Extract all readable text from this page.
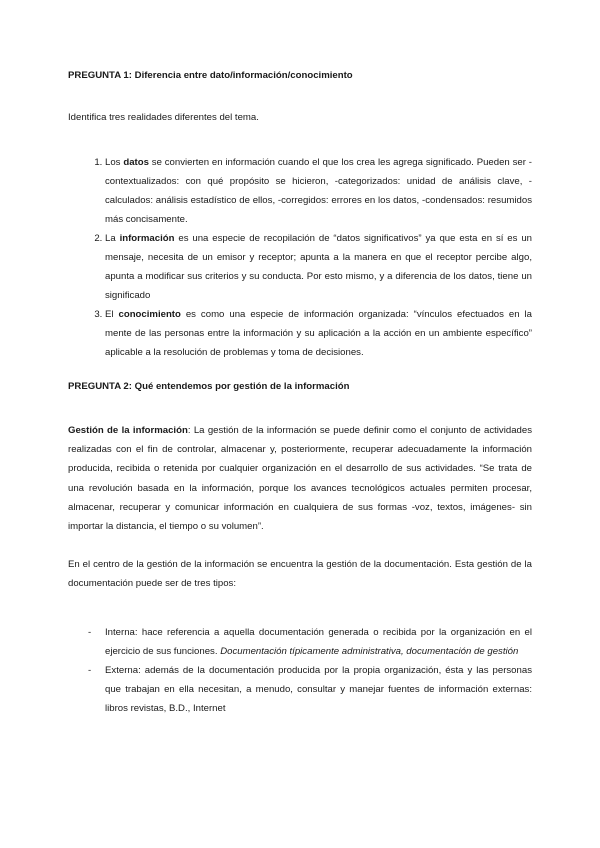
PREGUNTA 1: Diferencia entre dato/información/conocimiento

Identifica tres realidades diferentes del tema.
1. Los datos se convierten en información cuando el que los crea les agrega significado. Pueden ser -contextualizados: con qué propósito se hicieron, -categorizados: unidad de análisis clave, -calculados: análisis estadístico de ellos, -corregidos: errores en los datos, -condensados: resumidos más concisamente.
2. La información es una especie de recopilación de “datos significativos” ya que esta en sí es un mensaje, necesita de un emisor y receptor; apunta a la manera en que el receptor percibe algo, apunta a modificar sus criterios y su conducta. Por esto mismo, y a diferencia de los datos, tiene un significado
3. El conocimiento es como una especie de información organizada: “vínculos efectuados en la mente de las personas entre la información y su aplicación a la acción en un ambiente específico” aplicable a la resolución de problemas y toma de decisiones.

PREGUNTA 2: Qué entendemos por gestión de la información

Gestión de la información: La gestión de la información se puede definir como el conjunto de actividades realizadas con el fin de controlar, almacenar y, posteriormente, recuperar adecuadamente la información producida, recibida o retenida por cualquier organización en el desarrollo de sus actividades. “Se trata de una revolución basada en la información, porque los avances tecnológicos actuales permiten procesar, almacenar, recuperar y comunicar información en cualquiera de sus formas -voz, textos, imágenes- sin importar la distancia, el tiempo o su volumen”.
En el centro de la gestión de la información se encuentra la gestión de la documentación. Esta gestión de la documentación puede ser de tres tipos:
- Interna: hace referencia a aquella documentación generada o recibida por la organización en el ejercicio de sus funciones. Documentación típicamente administrativa, documentación de gestión
- Externa: además de la documentación producida por la propia organización, ésta y las personas que trabajan en ella necesitan, a menudo, consultar y manejar fuentes de información externas: libros revistas, B.D., Internet
